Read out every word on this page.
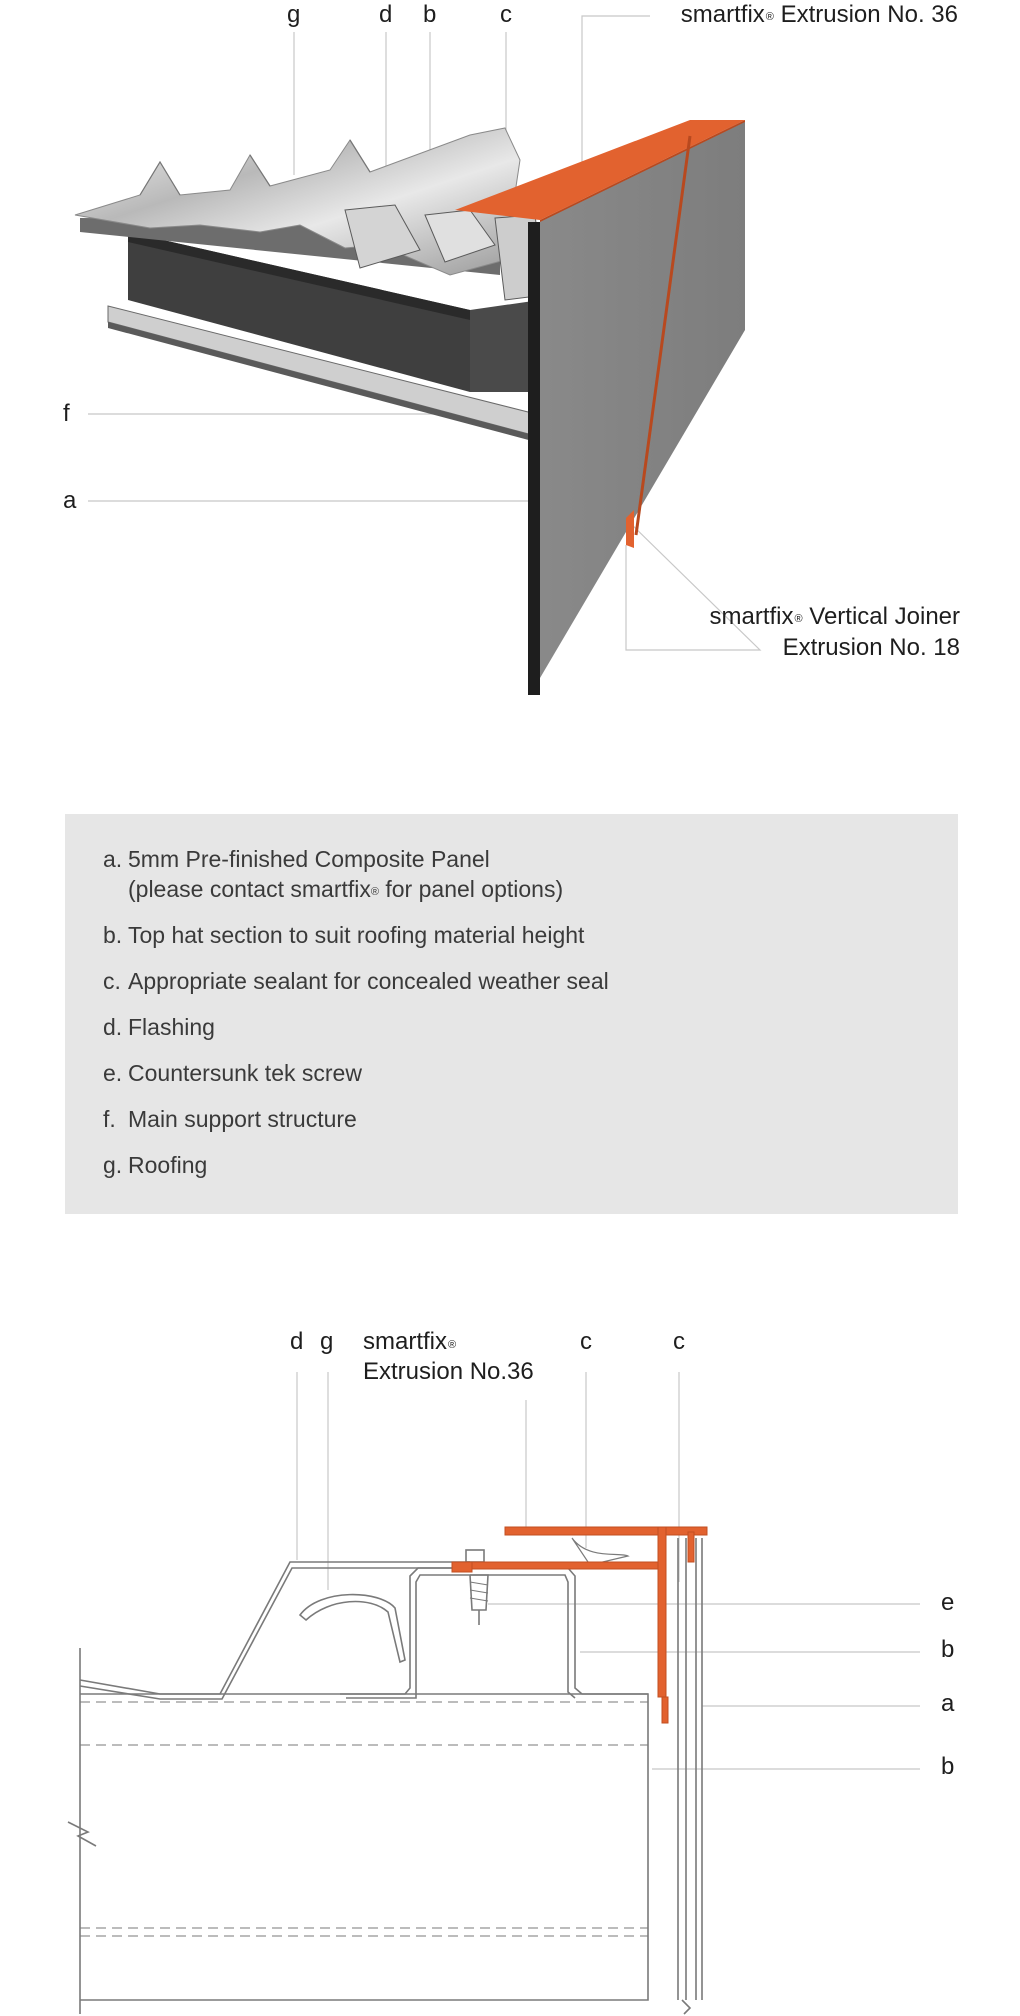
g	d b	c
f
a
smartfix® Extrusion No. 36
smartfix® Vertical Joiner
Extrusion No. 18
a. 5mm Pre-finished Composite Panel
(please contact smartfix® for panel options)
b. Top hat section to suit roofing material height
c. Appropriate sealant for concealed weather seal
d. Flashing
e. Countersunk tek screw
f. Main support structure
g. Roofing
d g	c	c
smartfix®
Extrusion No.36
e
b
a
b
